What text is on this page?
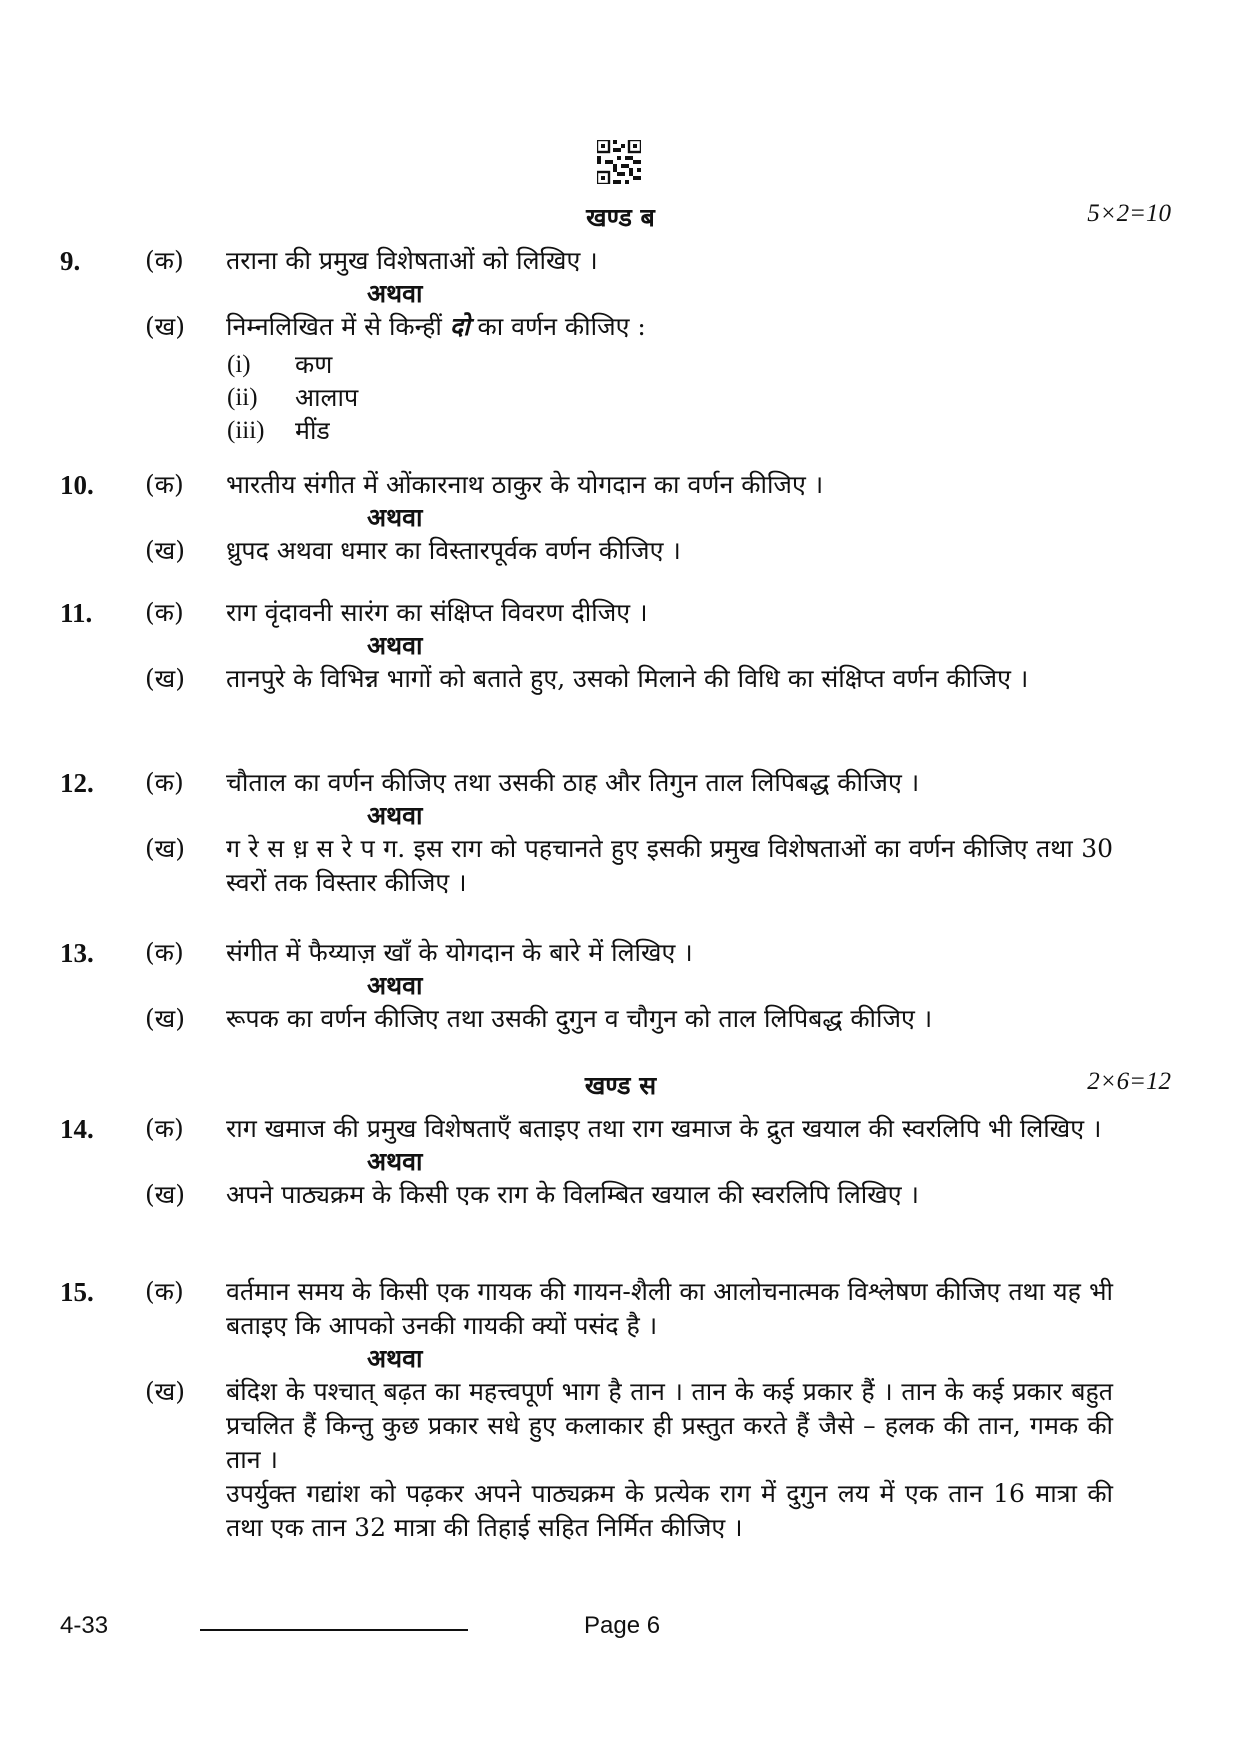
खण्ड ब	5×2=10
9.	(क) तराना की प्रमुख विशेषताओं को लिखिए ।
अथवा
(ख) निम्नलिखित में से किन्हीं दो का वर्णन कीजिए :
(i) कण
(ii) आलाप
(iii) मींड
10. (क) भारतीय संगीत में ओंकारनाथ ठाकुर के योगदान का वर्णन कीजिए ।
अथवा
(ख) ध्रुपद अथवा धमार का विस्तारपूर्वक वर्णन कीजिए ।
11. (क) राग वृंदावनी सारंग का संक्षिप्त विवरण दीजिए ।
अथवा
(ख) तानपुरे के विभिन्न भागों को बताते हुए, उसको मिलाने की विधि का संक्षिप्त वर्णन कीजिए ।
12. (क) चौताल का वर्णन कीजिए तथा उसकी ठाह और तिगुन ताल लिपिबद्ध कीजिए ।
अथवा
(ख) ग रे स ध़ स रे प ग. इस राग को पहचानते हुए इसकी प्रमुख विशेषताओं का वर्णन कीजिए तथा 30 स्वरों तक विस्तार कीजिए ।
13. (क) संगीत में फैय्याज़ खाँ के योगदान के बारे में लिखिए ।
अथवा
(ख) रूपक का वर्णन कीजिए तथा उसकी दुगुन व चौगुन को ताल लिपिबद्ध कीजिए ।
खण्ड स	2×6=12
14. (क) राग खमाज की प्रमुख विशेषताएँ बताइए तथा राग खमाज के द्रुत खयाल की स्वरलिपि भी लिखिए ।
अथवा
(ख) अपने पाठ्यक्रम के किसी एक राग के विलम्बित खयाल की स्वरलिपि लिखिए ।
15. (क) वर्तमान समय के किसी एक गायक की गायन-शैली का आलोचनात्मक विश्लेषण कीजिए तथा यह भी बताइए कि आपको उनकी गायकी क्यों पसंद है ।
अथवा
(ख) बंदिश के पश्चात् बढ़त का महत्त्वपूर्ण भाग है तान । तान के कई प्रकार हैं । तान के कई प्रकार बहुत प्रचलित हैं किन्तु कुछ प्रकार सधे हुए कलाकार ही प्रस्तुत करते हैं जैसे – हलक की तान, गमक की तान ।
उपर्युक्त गद्यांश को पढ़कर अपने पाठ्यक्रम के प्रत्येक राग में दुगुन लय में एक तान 16 मात्रा की तथा एक तान 32 मात्रा की तिहाई सहित निर्मित कीजिए ।
4-33	Page 6
